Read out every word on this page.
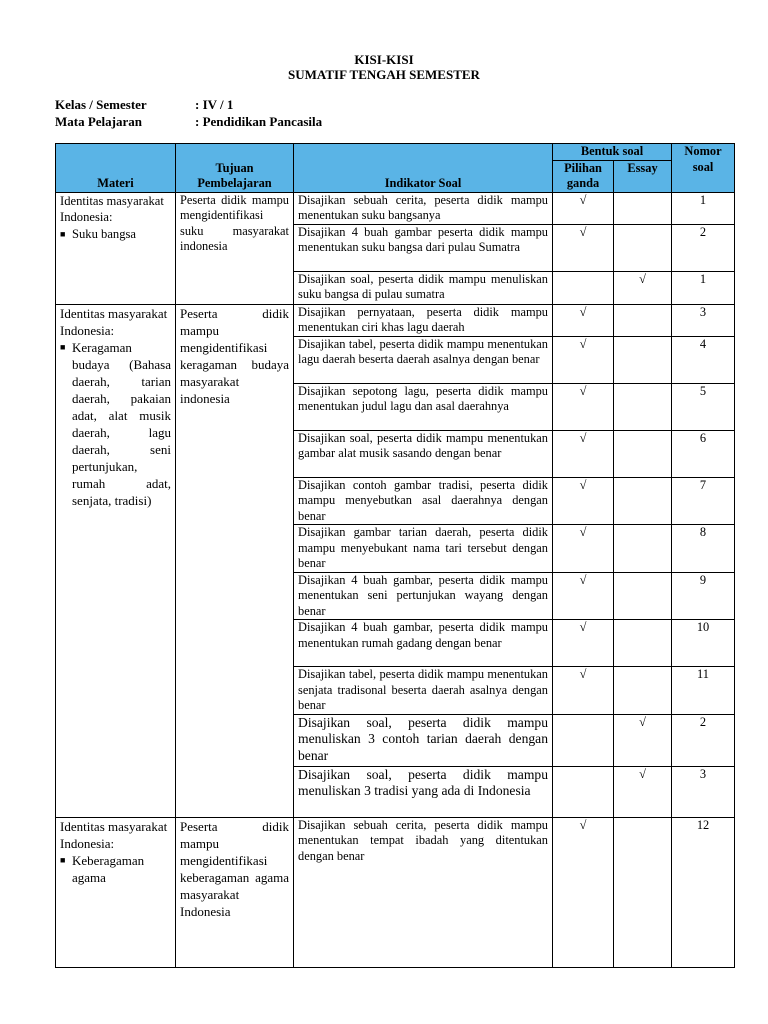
KISI-KISI
SUMATIF TENGAH SEMESTER
Kelas / Semester	: IV / 1
Mata Pelajaran	: Pendidikan Pancasila
Materi	Tujuan Pembelajaran	Indikator Soal	Bentuk soal		Nomor soal
			Pilihan ganda	Essay	

Identitas masyarakat Indonesia:
■ Suku bangsa	Peserta didik mampu mengidentifikasi suku masyarakat indonesia	Disajikan sebuah cerita, peserta didik mampu menentukan suku bangsanya	√		1
		Disajikan 4 buah gambar peserta didik mampu menentukan suku bangsa dari pulau Sumatra	√		2
		Disajikan soal, peserta didik mampu menuliskan suku bangsa di pulau sumatra		√	1

Identitas masyarakat Indonesia:
■ Keragaman budaya (Bahasa daerah, tarian daerah, pakaian adat, alat musik daerah, lagu daerah, seni pertunjukan, rumah adat, senjata, tradisi)	Peserta didik mampu mengidentifikasi keragaman budaya masyarakat indonesia	Disajikan pernyataan, peserta didik mampu menentukan ciri khas lagu daerah	√		3
		Disajikan tabel, peserta didik mampu menentukan lagu daerah beserta daerah asalnya dengan benar	√		4
		Disajikan sepotong lagu, peserta didik mampu menentukan judul lagu dan asal daerahnya	√		5
		Disajikan soal, peserta didik mampu menentukan gambar alat musik sasando dengan benar	√		6
		Disajikan contoh gambar tradisi, peserta didik mampu menyebutkan asal daerahnya dengan benar	√		7
		Disajikan gambar tarian daerah, peserta didik mampu menyebukant nama tari tersebut dengan benar	√		8
		Disajikan 4 buah gambar, peserta didik mampu menentukan seni pertunjukan wayang dengan benar	√		9
		Disajikan 4 buah gambar, peserta didik mampu menentukan rumah gadang dengan benar	√		10
		Disajikan tabel, peserta didik mampu menentukan senjata tradisonal beserta daerah asalnya dengan benar	√		11
		Disajikan soal, peserta didik mampu menuliskan 3 contoh tarian daerah dengan benar		√	2
		Disajikan soal, peserta didik mampu menuliskan 3 tradisi yang ada di Indonesia		√	3

Identitas masyarakat Indonesia:
■ Keberagaman agama	Peserta didik mampu mengidentifikasi keberagaman agama masyarakat Indonesia	Disajikan sebuah cerita, peserta didik mampu menentukan tempat ibadah yang ditentukan dengan benar	√		12
